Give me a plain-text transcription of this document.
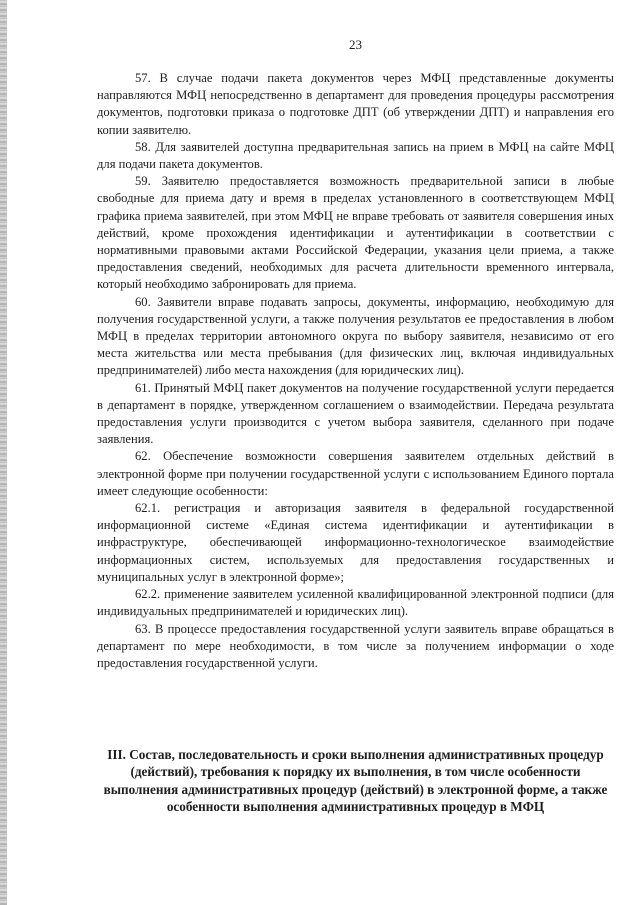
23

57. В случае подачи пакета документов через МФЦ представленные документы направляются МФЦ непосредственно в департамент для проведения процедуры рассмотрения документов, подготовки приказа о подготовке ДПТ (об утверждении ДПТ) и направления его копии заявителю.

58. Для заявителей доступна предварительная запись на прием в МФЦ на сайте МФЦ для подачи пакета документов.

59. Заявителю предоставляется возможность предварительной записи в любые свободные для приема дату и время в пределах установленного в соответствующем МФЦ графика приема заявителей, при этом МФЦ не вправе требовать от заявителя совершения иных действий, кроме прохождения идентификации и аутентификации в соответствии с нормативными правовыми актами Российской Федерации, указания цели приема, а также предоставления сведений, необходимых для расчета длительности временного интервала, который необходимо забронировать для приема.

60. Заявители вправе подавать запросы, документы, информацию, необходимую для получения государственной услуги, а также получения результатов ее предоставления в любом МФЦ в пределах территории автономного округа по выбору заявителя, независимо от его места жительства или места пребывания (для физических лиц, включая индивидуальных предпринимателей) либо места нахождения (для юридических лиц).

61. Принятый МФЦ пакет документов на получение государственной услуги передается в департамент в порядке, утвержденном соглашением о взаимодействии. Передача результата предоставления услуги производится с учетом выбора заявителя, сделанного при подаче заявления.

62. Обеспечение возможности совершения заявителем отдельных действий в электронной форме при получении государственной услуги с использованием Единого портала имеет следующие особенности:

62.1. регистрация и авторизация заявителя в федеральной государственной информационной системе «Единая система идентификации и аутентификации в инфраструктуре, обеспечивающей информационно-технологическое взаимодействие информационных систем, используемых для предоставления государственных и муниципальных услуг в электронной форме»;

62.2. применение заявителем усиленной квалифицированной электронной подписи (для индивидуальных предпринимателей и юридических лиц).

63. В процессе предоставления государственной услуги заявитель вправе обращаться в департамент по мере необходимости, в том числе за получением информации о ходе предоставления государственной услуги.

III. Состав, последовательность и сроки выполнения административных процедур (действий), требования к порядку их выполнения, в том числе особенности выполнения административных процедур (действий) в электронной форме, а также особенности выполнения административных процедур в МФЦ
